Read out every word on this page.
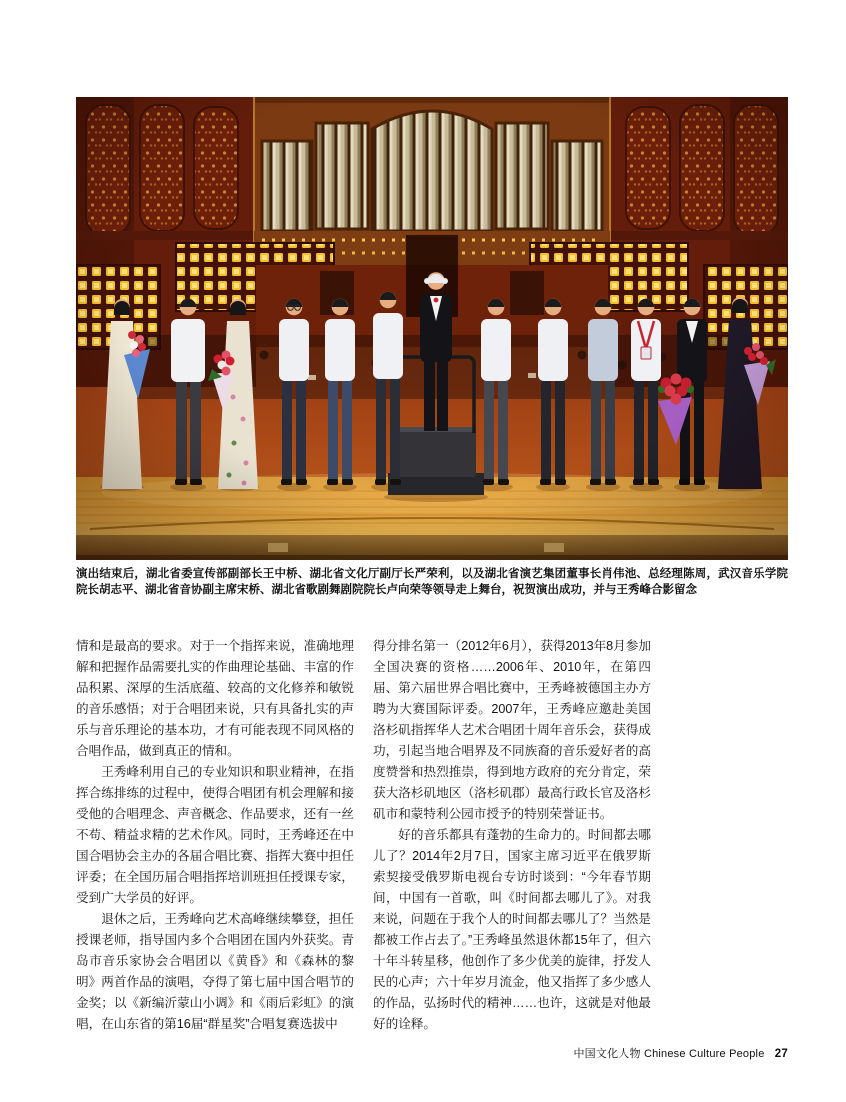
演出结束后，湖北省委宣传部副部长王中桥、湖北省文化厅副厅长严荣利，以及湖北省演艺集团董事长肖伟池、总经理陈周，武汉音乐学院院长胡志平、湖北省音协副主席宋桥、湖北省歌剧舞剧院院长卢向荣等领导走上舞台，祝贺演出成功，并与王秀峰合影留念

情和是最高的要求。对于一个指挥来说，准确地理解和把握作品需要扎实的作曲理论基础、丰富的作品积累、深厚的生活底蕴、较高的文化修养和敏锐的音乐感悟；对于合唱团来说，只有具备扎实的声乐与音乐理论的基本功，才有可能表现不同风格的合唱作品，做到真正的情和。

王秀峰利用自己的专业知识和职业精神，在指挥合练排练的过程中，使得合唱团有机会理解和接受他的合唱理念、声音概念、作品要求，还有一丝不苟、精益求精的艺术作风。同时，王秀峰还在中国合唱协会主办的各届合唱比赛、指挥大赛中担任评委；在全国历届合唱指挥培训班担任授课专家，受到广大学员的好评。

退休之后，王秀峰向艺术高峰继续攀登，担任授课老师，指导国内多个合唱团在国内外获奖。青岛市音乐家协会合唱团以《黄昏》和《森林的黎明》两首作品的演唱，夺得了第七届中国合唱节的金奖；以《新编沂蒙山小调》和《雨后彩虹》的演唱，在山东省的第16届“群星奖”合唱复赛选拔中

得分排名第一（2012年6月），获得2013年8月参加全国决赛的资格……2006年、2010年，在第四届、第六届世界合唱比赛中，王秀峰被德国主办方聘为大赛国际评委。2007年，王秀峰应邀赴美国洛杉矶指挥华人艺术合唱团十周年音乐会，获得成功，引起当地合唱界及不同族裔的音乐爱好者的高度赞誉和热烈推崇，得到地方政府的充分肯定，荣获大洛杉矶地区（洛杉矶郡）最高行政长官及洛杉矶市和蒙特利公园市授予的特别荣誉证书。

好的音乐都具有蓬勃的生命力的。时间都去哪儿了？2014年2月7日，国家主席习近平在俄罗斯索契接受俄罗斯电视台专访时谈到：“今年春节期间，中国有一首歌，叫《时间都去哪儿了》。对我来说，问题在于我个人的时间都去哪儿了？当然是都被工作占去了。”王秀峰虽然退休都15年了，但六十年斗转星移，他创作了多少优美的旋律，抒发人民的心声；六十年岁月流金，他又指挥了多少感人的作品，弘扬时代的精神……也许，这就是对他最好的诠释。

中国文化人物 Chinese Culture People 27
